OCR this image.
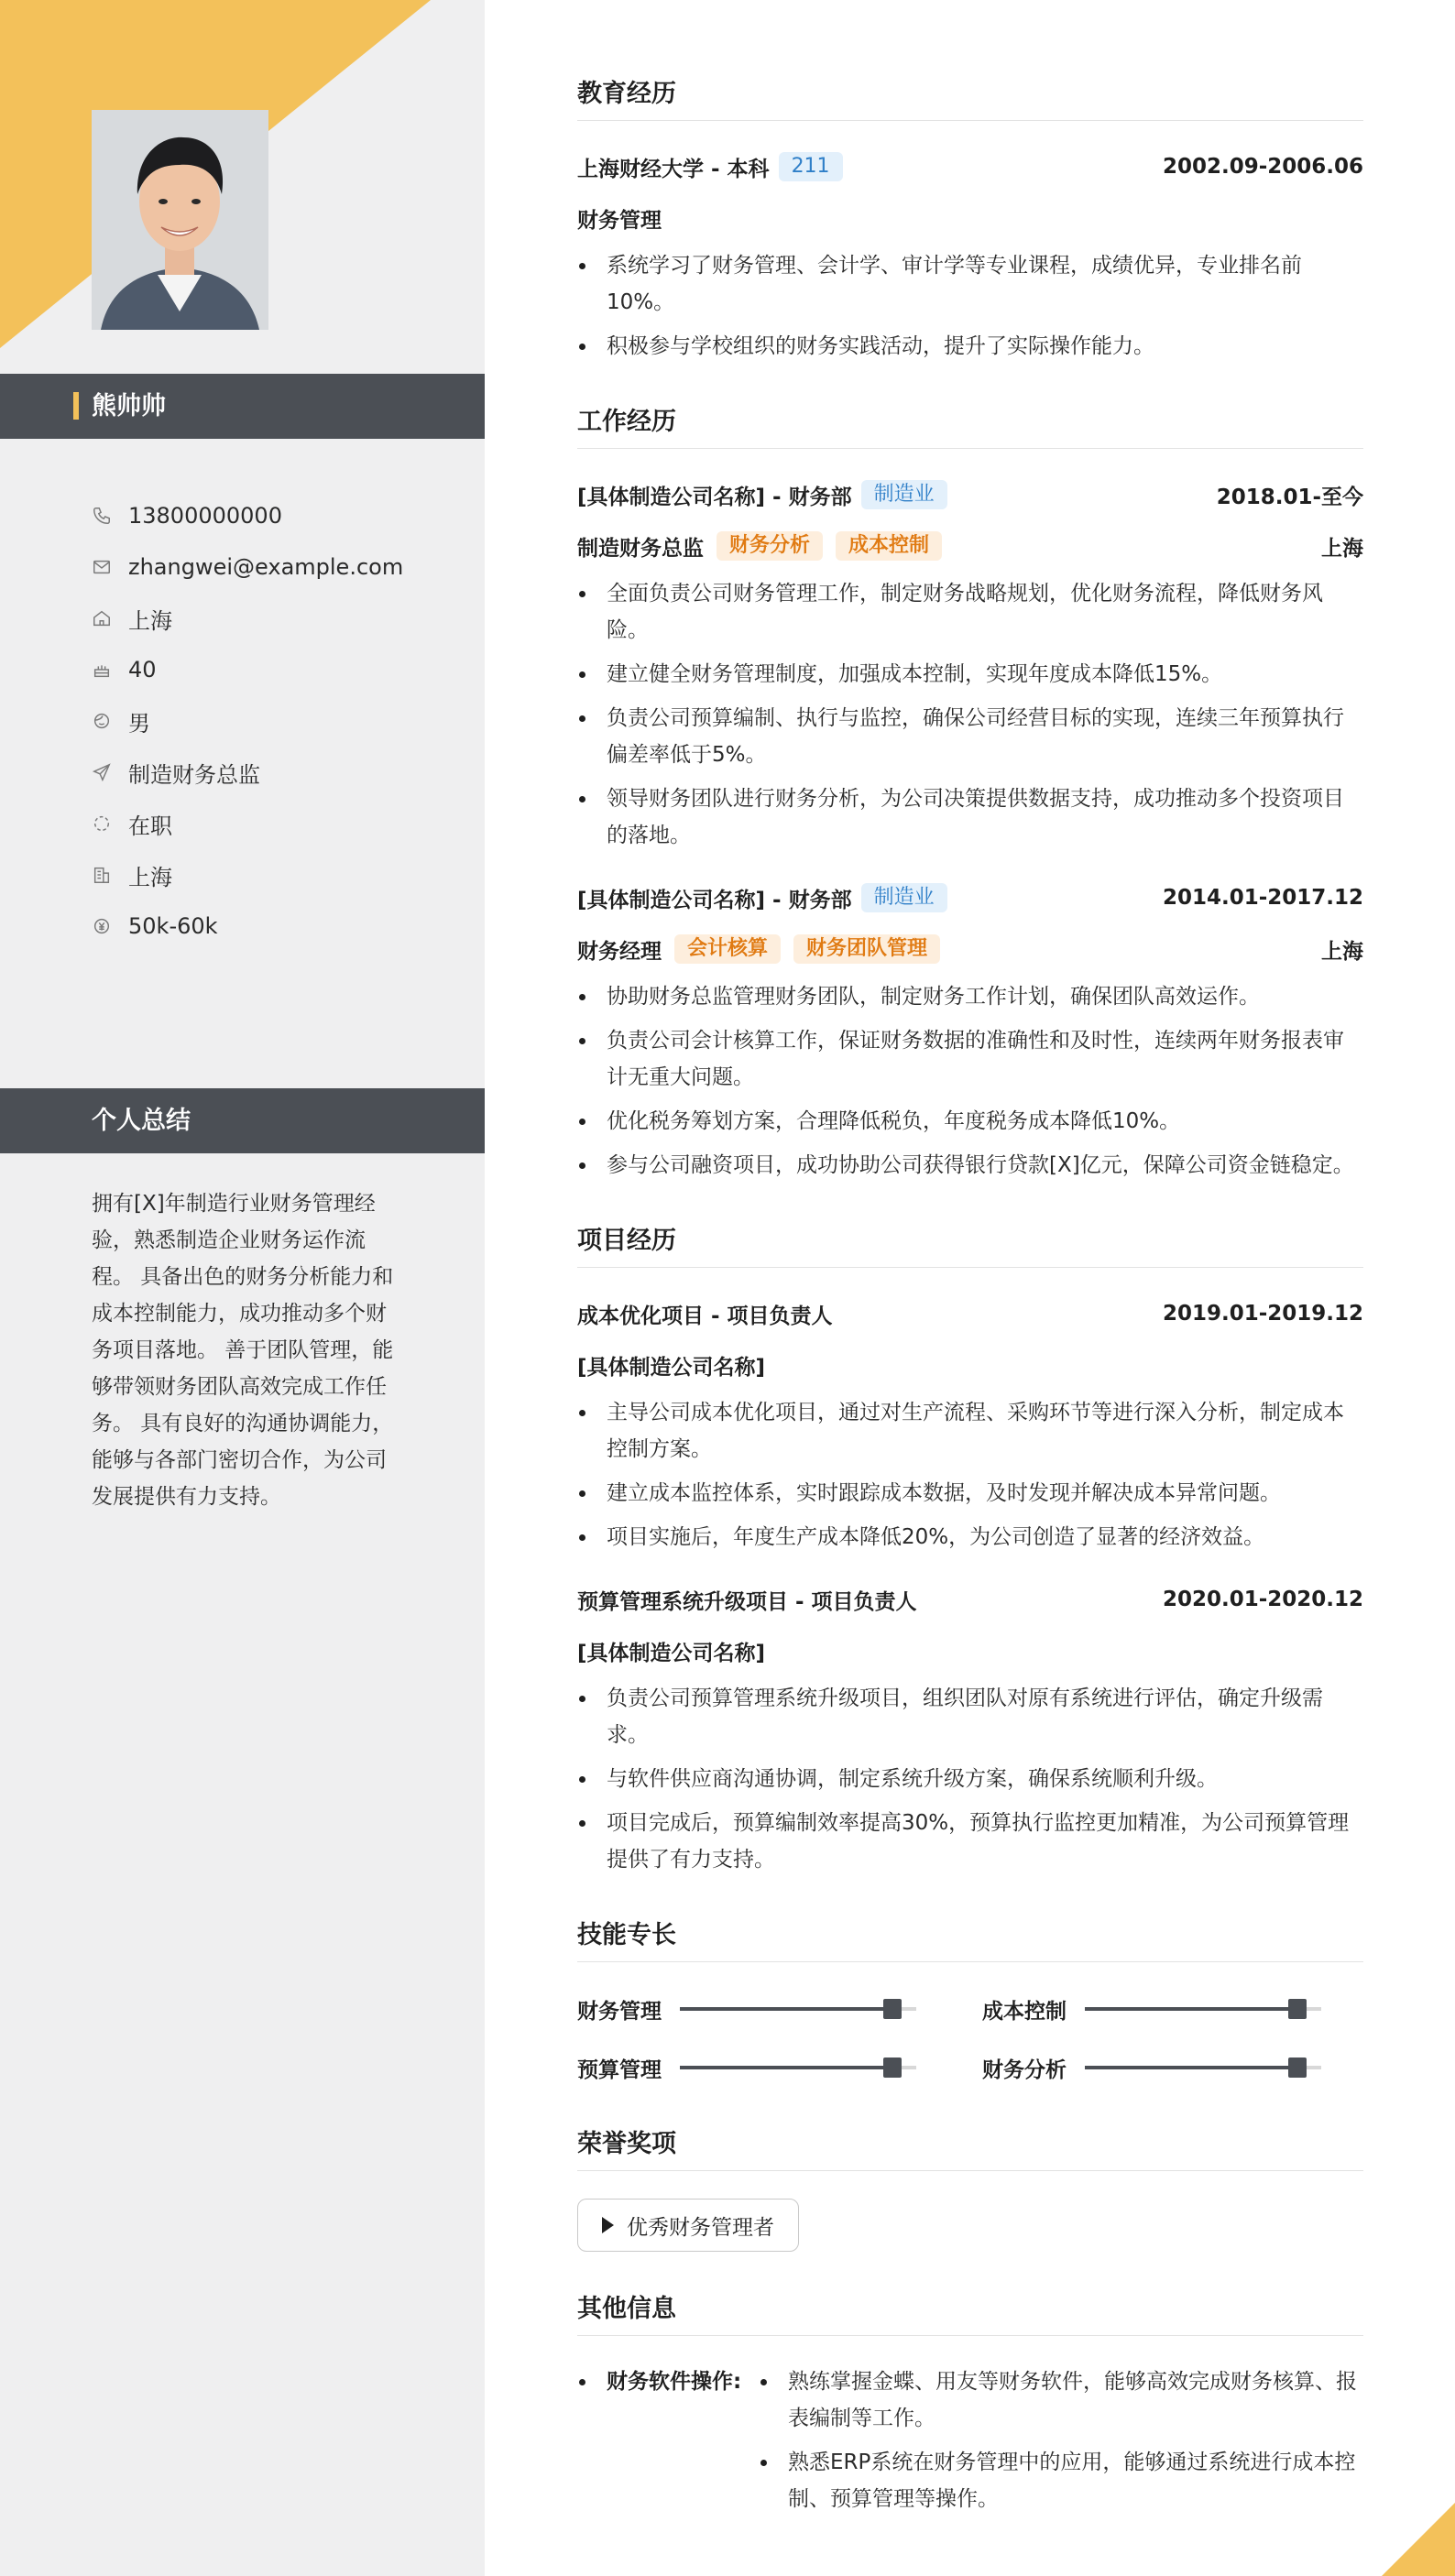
熊帅帅
13800000000
zhangwei@example.com
上海
40
男
制造财务总监
在职
上海
50k-60k
个人总结
拥有[X]年制造行业财务管理经验，熟悉制造企业财务运作流程。 具备出色的财务分析能力和成本控制能力，成功推动多个财务项目落地。 善于团队管理，能够带领财务团队高效完成工作任务。 具有良好的沟通协调能力，能够与各部门密切合作，为公司发展提供有力支持。
教育经历
上海财经大学 - 本科	211	2002.09-2006.06
财务管理
系统学习了财务管理、会计学、审计学等专业课程，成绩优异，专业排名前10%。
积极参与学校组织的财务实践活动，提升了实际操作能力。
工作经历
[具体制造公司名称] - 财务部	制造业	2018.01-至今
制造财务总监	财务分析	成本控制	上海
全面负责公司财务管理工作，制定财务战略规划，优化财务流程，降低财务风险。
建立健全财务管理制度，加强成本控制，实现年度成本降低15%。
负责公司预算编制、执行与监控，确保公司经营目标的实现，连续三年预算执行偏差率低于5%。
领导财务团队进行财务分析，为公司决策提供数据支持，成功推动多个投资项目的落地。
[具体制造公司名称] - 财务部	制造业	2014.01-2017.12
财务经理	会计核算	财务团队管理	上海
协助财务总监管理财务团队，制定财务工作计划，确保团队高效运作。
负责公司会计核算工作，保证财务数据的准确性和及时性，连续两年财务报表审计无重大问题。
优化税务筹划方案，合理降低税负，年度税务成本降低10%。
参与公司融资项目，成功协助公司获得银行贷款[X]亿元，保障公司资金链稳定。
项目经历
成本优化项目 - 项目负责人	2019.01-2019.12
[具体制造公司名称]
主导公司成本优化项目，通过对生产流程、采购环节等进行深入分析，制定成本控制方案。
建立成本监控体系，实时跟踪成本数据，及时发现并解决成本异常问题。
项目实施后，年度生产成本降低20%，为公司创造了显著的经济效益。
预算管理系统升级项目 - 项目负责人	2020.01-2020.12
[具体制造公司名称]
负责公司预算管理系统升级项目，组织团队对原有系统进行评估，确定升级需求。
与软件供应商沟通协调，制定系统升级方案，确保系统顺利升级。
项目完成后，预算编制效率提高30%，预算执行监控更加精准，为公司预算管理提供了有力支持。
技能专长
财务管理	成本控制
预算管理	财务分析
荣誉奖项
优秀财务管理者
其他信息
财务软件操作:	熟练掌握金蝶、用友等财务软件，能够高效完成财务核算、报表编制等工作。
熟悉ERP系统在财务管理中的应用，能够通过系统进行成本控制、预算管理等操作。
